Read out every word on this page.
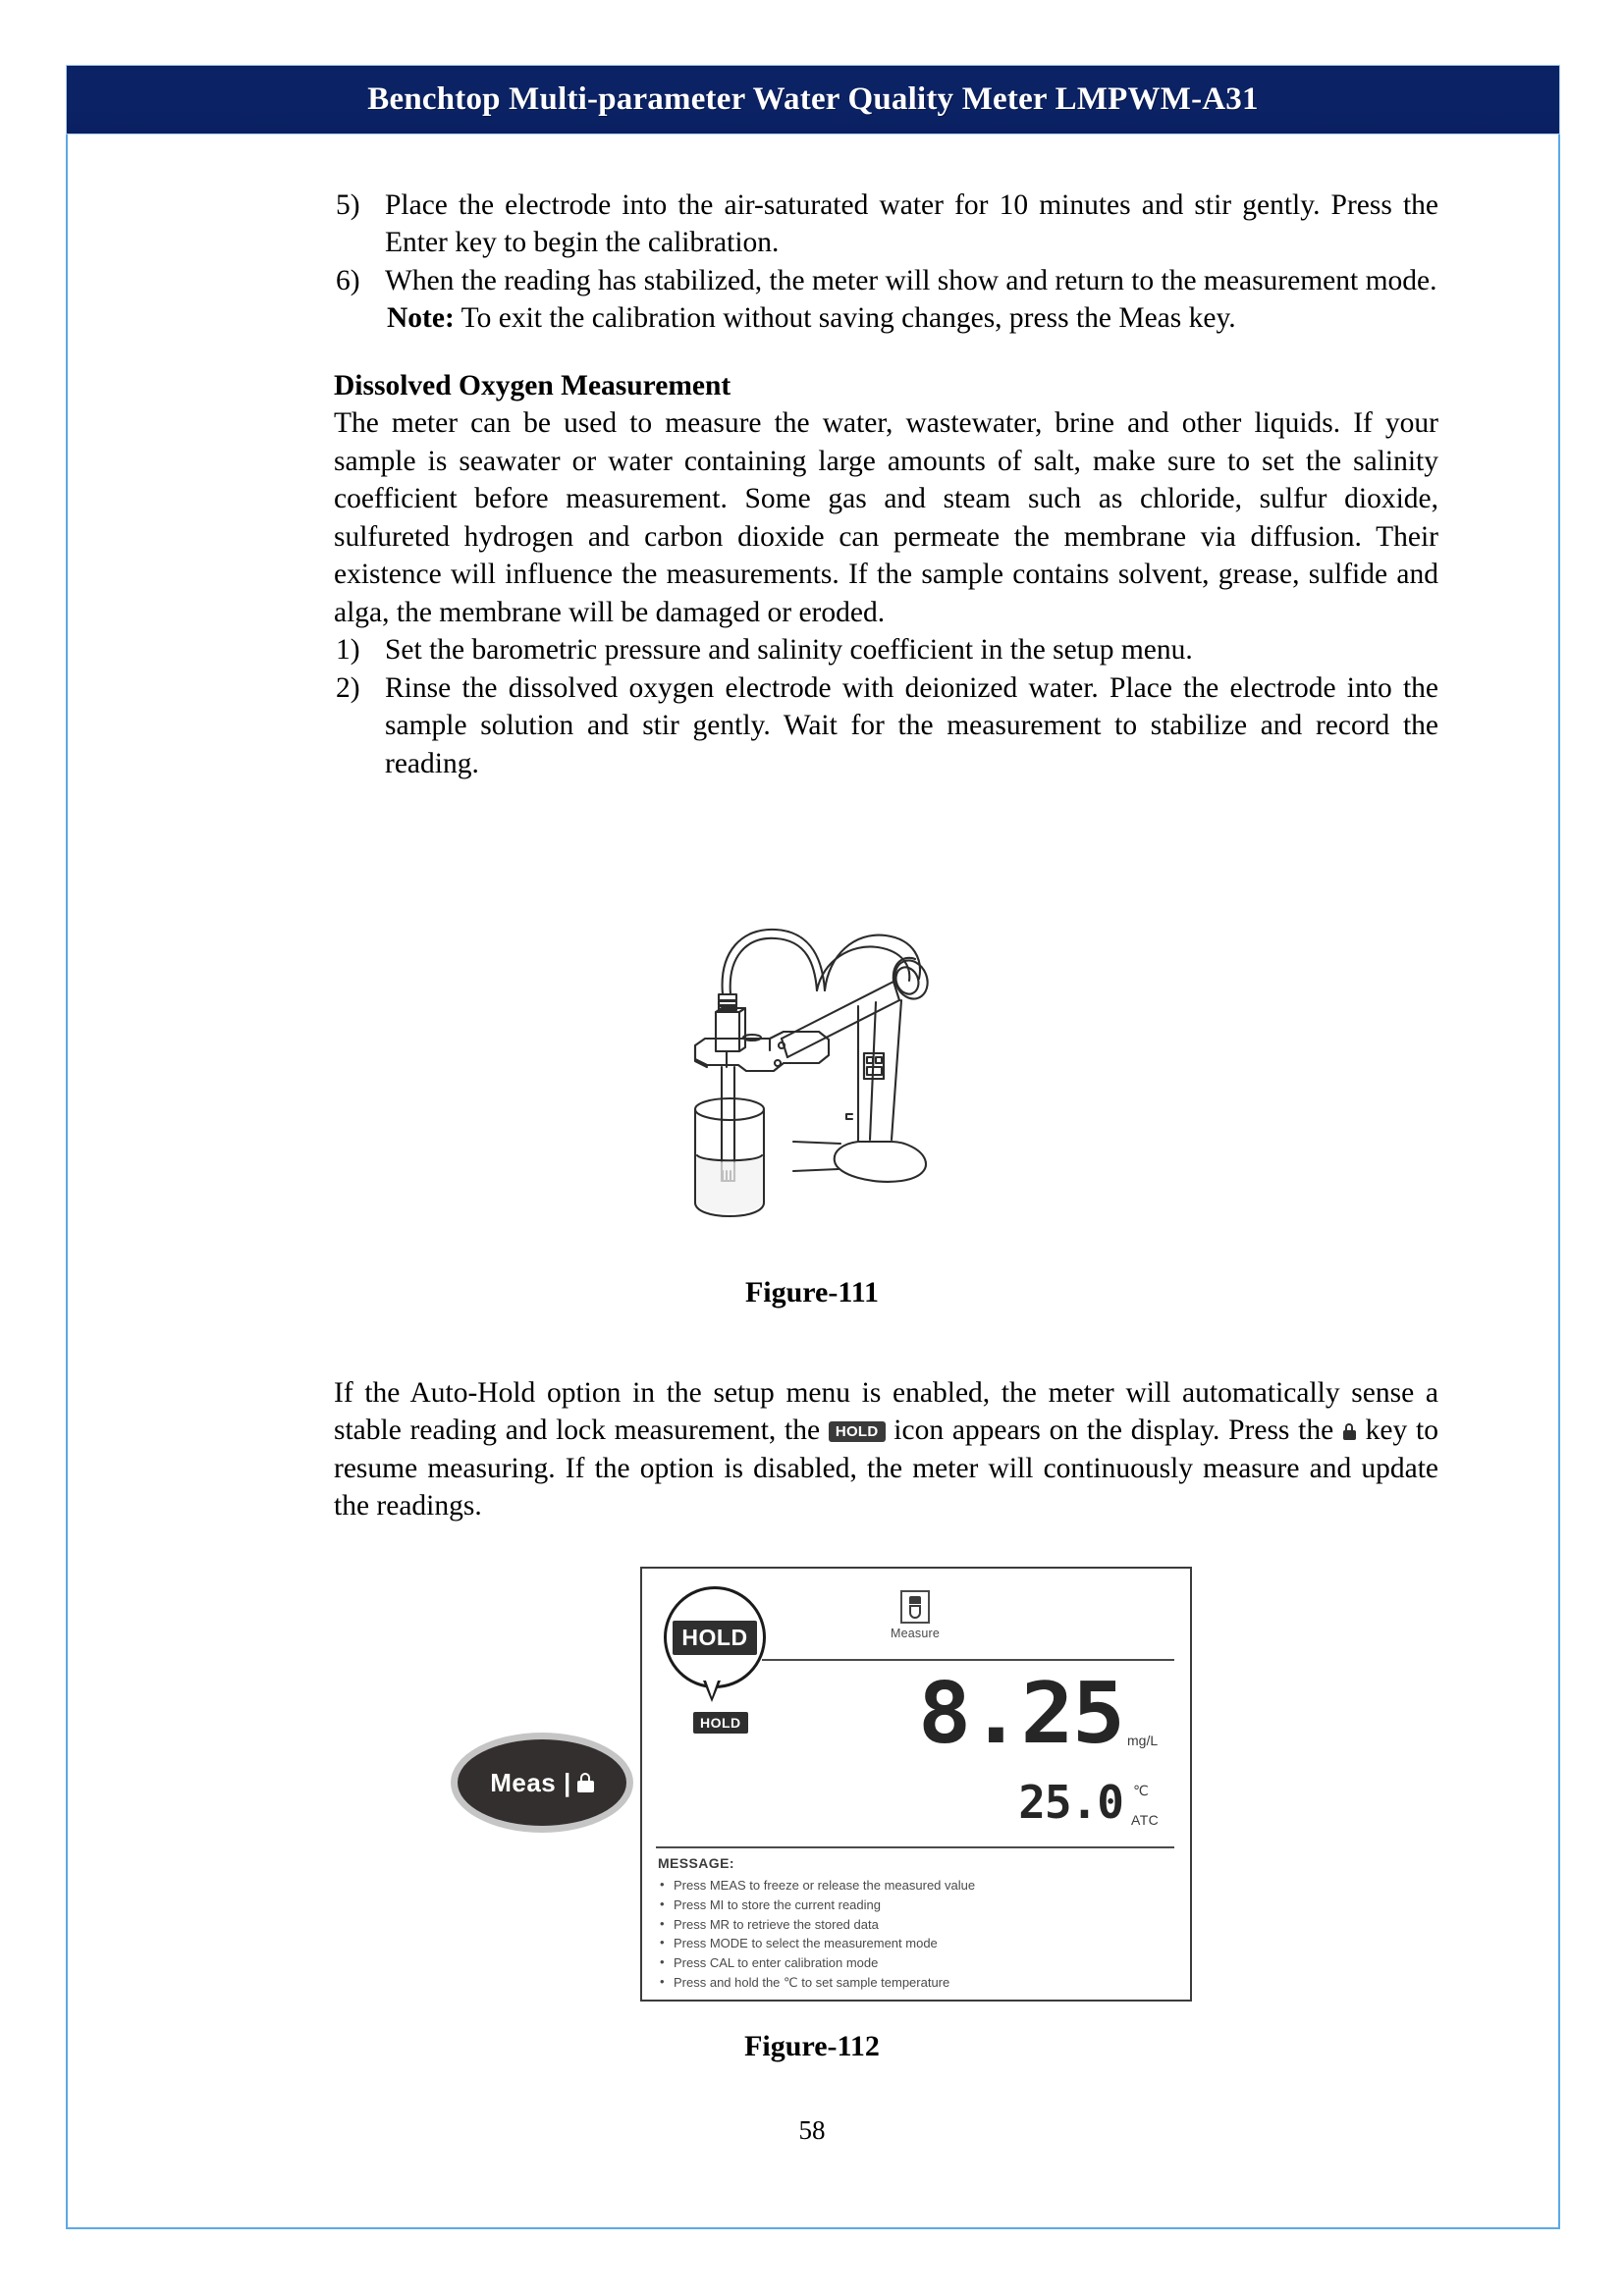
Benchtop Multi-parameter Water Quality Meter LMPWM-A31
5) Place the electrode into the air-saturated water for 10 minutes and stir gently. Press the Enter key to begin the calibration.
6) When the reading has stabilized, the meter will show and return to the measurement mode.
Note: To exit the calibration without saving changes, press the Meas key.
Dissolved Oxygen Measurement

The meter can be used to measure the water, wastewater, brine and other liquids. If your sample is seawater or water containing large amounts of salt, make sure to set the salinity coefficient before measurement. Some gas and steam such as chloride, sulfur dioxide, sulfureted hydrogen and carbon dioxide can permeate the membrane via diffusion. Their existence will influence the measurements. If the sample contains solvent, grease, sulfide and alga, the membrane will be damaged or eroded.

1) Set the barometric pressure and salinity coefficient in the setup menu.
2) Rinse the dissolved oxygen electrode with deionized water. Place the electrode into the sample solution and stir gently. Wait for the measurement to stabilize and record the reading.
Figure-111

If the Auto-Hold option in the setup menu is enabled, the meter will automatically sense a stable reading and lock measurement, the HOLD icon appears on the display. Press the
key to resume measuring. If the option is disabled, the meter will continuously measure and update the readings.

Meas |
HOLD
HOLD
Measure
8.25 mg/L
25.0 ℃
ATC
MESSAGE:
• Press MEAS to freeze or release the measured value
• Press MI to store the current reading
• Press MR to retrieve the stored data
• Press MODE to select the measurement mode
• Press CAL to enter calibration mode
• Press and hold the ℃ to set sample temperature
Figure-112
58
